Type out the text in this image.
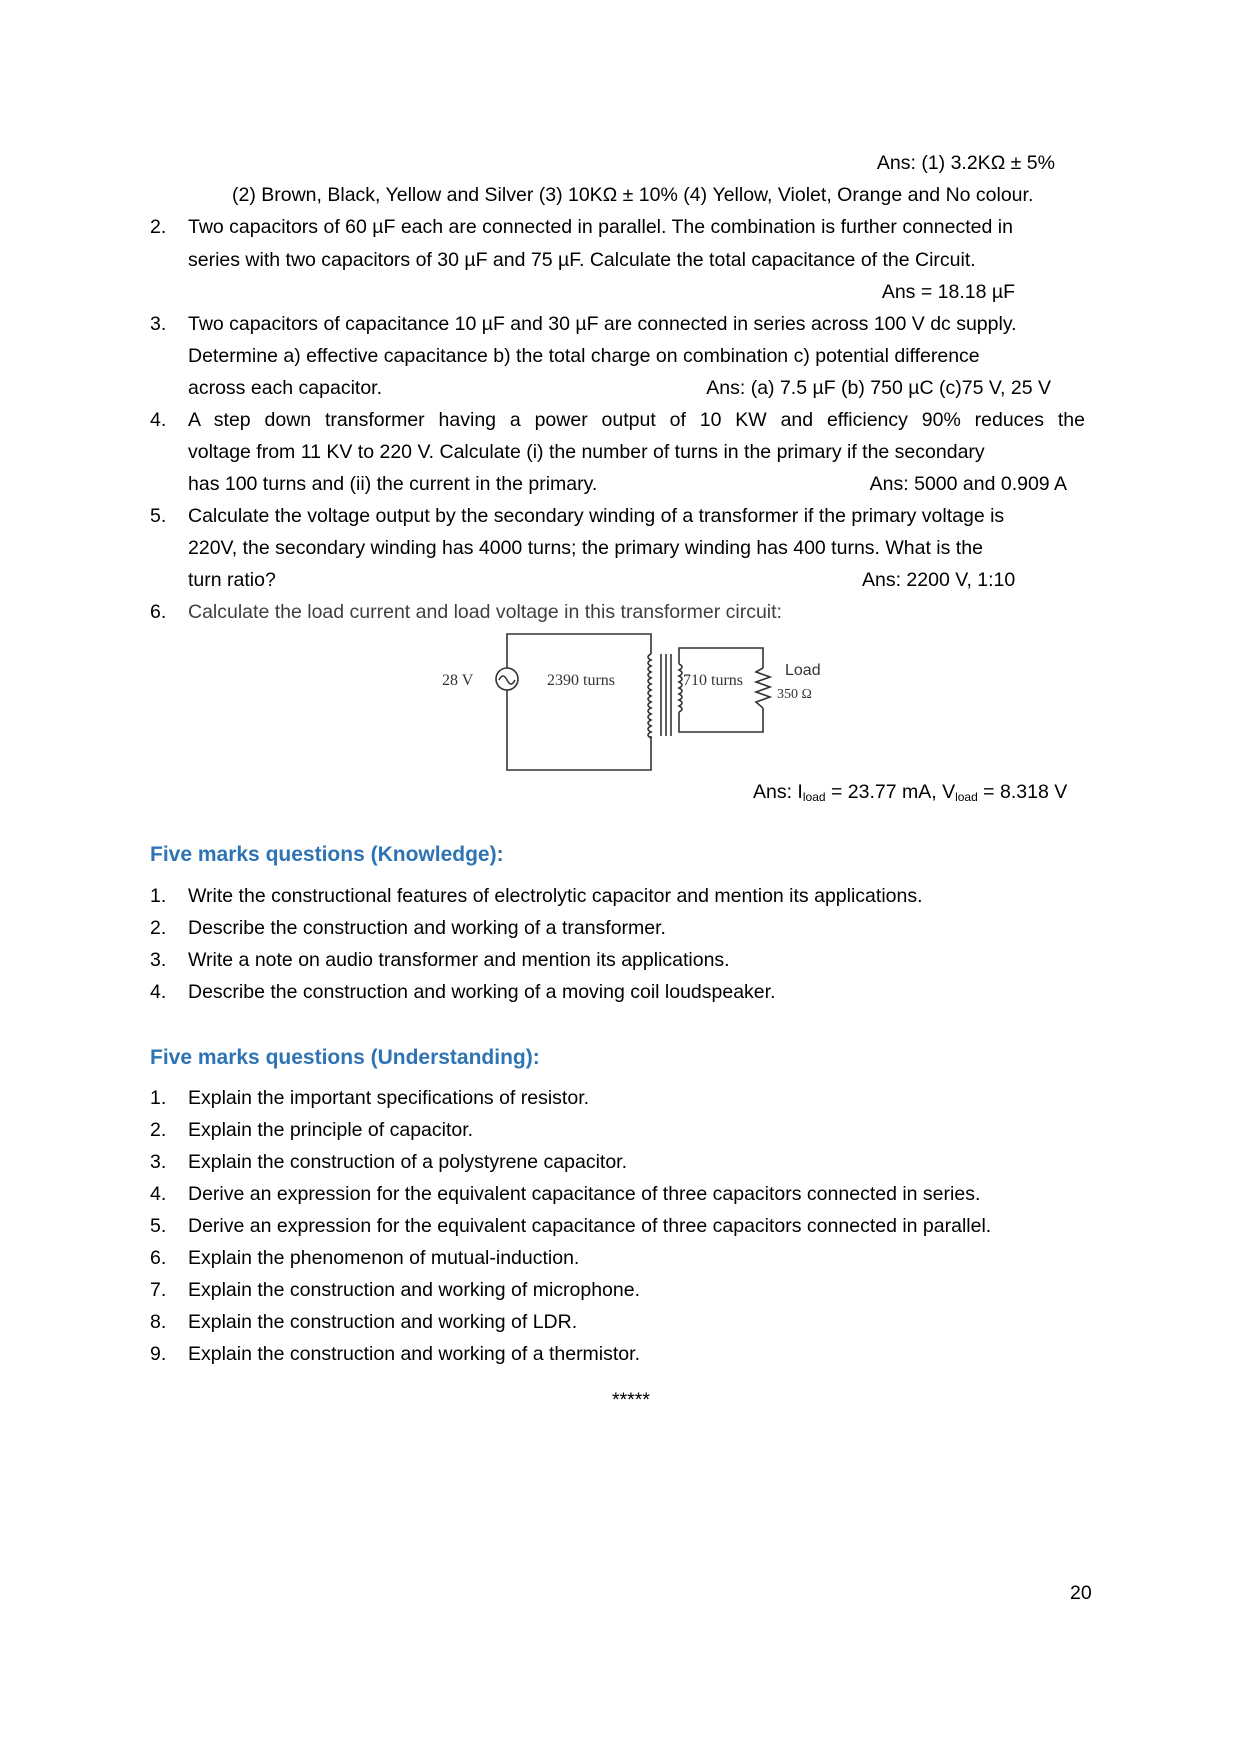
Ans: (1) 3.2KΩ ± 5%
(2) Brown, Black, Yellow and Silver (3) 10KΩ ± 10% (4) Yellow, Violet, Orange and No colour.
2. Two capacitors of 60 µF each are connected in parallel. The combination is further connected in
series with two capacitors of 30 µF and 75 µF. Calculate the total capacitance of the Circuit.
Ans = 18.18 µF
3. Two capacitors of capacitance 10 µF and 30 µF are connected in series across 100 V dc supply.
Determine a) effective capacitance b) the total charge on combination c) potential difference
across each capacitor.	Ans: (a) 7.5 µF (b) 750 µC (c)75 V, 25 V
4. A step down transformer having a power output of 10 KW and efficiency 90% reduces the
voltage from 11 KV to 220 V. Calculate (i) the number of turns in the primary if the secondary
has 100 turns and (ii) the current in the primary.	Ans: 5000 and 0.909 A
5. Calculate the voltage output by the secondary winding of a transformer if the primary voltage is
220V, the secondary winding has 4000 turns; the primary winding has 400 turns. What is the
turn ratio?	Ans: 2200 V, 1:10
6. Calculate the load current and load voltage in this transformer circuit:
28 V	2390 turns	710 turns
Load
350 Ω
Ans: $I_{load} = 23.77$ mA, $V_{load} = 8.318$ V
Five marks questions (Knowledge):
1. Write the constructional features of electrolytic capacitor and mention its applications.
2. Describe the construction and working of a transformer.
3. Write a note on audio transformer and mention its applications.
4. Describe the construction and working of a moving coil loudspeaker.
Five marks questions (Understanding):
1. Explain the important specifications of resistor.
2. Explain the principle of capacitor.
3. Explain the construction of a polystyrene capacitor.
4. Derive an expression for the equivalent capacitance of three capacitors connected in series.
5. Derive an expression for the equivalent capacitance of three capacitors connected in parallel.
6. Explain the phenomenon of mutual-induction.
7. Explain the construction and working of microphone.
8. Explain the construction and working of LDR.
9. Explain the construction and working of a thermistor.
*****
20
